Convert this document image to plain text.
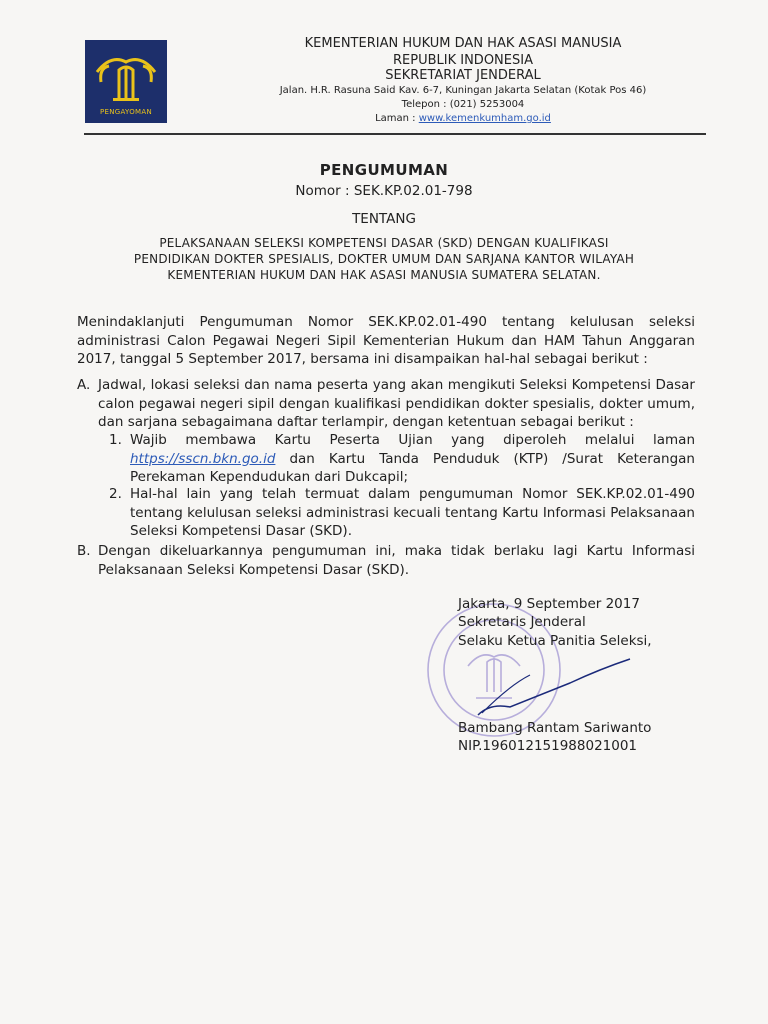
PENGAYOMAN
KEMENTERIAN HUKUM DAN HAK ASASI MANUSIA
REPUBLIK INDONESIA
SEKRETARIAT JENDERAL
Jalan. H.R. Rasuna Said Kav. 6-7, Kuningan Jakarta Selatan (Kotak Pos 46)
Telepon : (021) 5253004
Laman : www.kemenkumham.go.id
PENGUMUMAN
Nomor : SEK.KP.02.01-798
TENTANG
PELAKSANAAN SELEKSI KOMPETENSI DASAR (SKD) DENGAN KUALIFIKASI
PENDIDIKAN DOKTER SPESIALIS, DOKTER UMUM DAN SARJANA KANTOR WILAYAH
KEMENTERIAN HUKUM DAN HAK ASASI MANUSIA SUMATERA SELATAN.
Menindaklanjuti Pengumuman Nomor SEK.KP.02.01-490 tentang kelulusan seleksi administrasi Calon Pegawai Negeri Sipil Kementerian Hukum dan HAM Tahun Anggaran 2017, tanggal 5 September 2017, bersama ini disampaikan hal-hal sebagai berikut :
A. Jadwal, lokasi seleksi dan nama peserta yang akan mengikuti Seleksi Kompetensi Dasar calon pegawai negeri sipil dengan kualifikasi pendidikan dokter spesialis, dokter umum, dan sarjana sebagaimana daftar terlampir, dengan ketentuan sebagai berikut :
1. Wajib membawa Kartu Peserta Ujian yang diperoleh melalui laman https://sscn.bkn.go.id dan Kartu Tanda Penduduk (KTP) /Surat Keterangan Perekaman Kependudukan dari Dukcapil;
2. Hal-hal lain yang telah termuat dalam pengumuman Nomor SEK.KP.02.01-490 tentang kelulusan seleksi administrasi kecuali tentang Kartu Informasi Pelaksanaan Seleksi Kompetensi Dasar (SKD).
B. Dengan dikeluarkannya pengumuman ini, maka tidak berlaku lagi Kartu Informasi Pelaksanaan Seleksi Kompetensi Dasar (SKD).
Jakarta, 9 September 2017
Sekretaris Jenderal
Selaku Ketua Panitia Seleksi,
Bambang Rantam Sariwanto
NIP.196012151988021001
